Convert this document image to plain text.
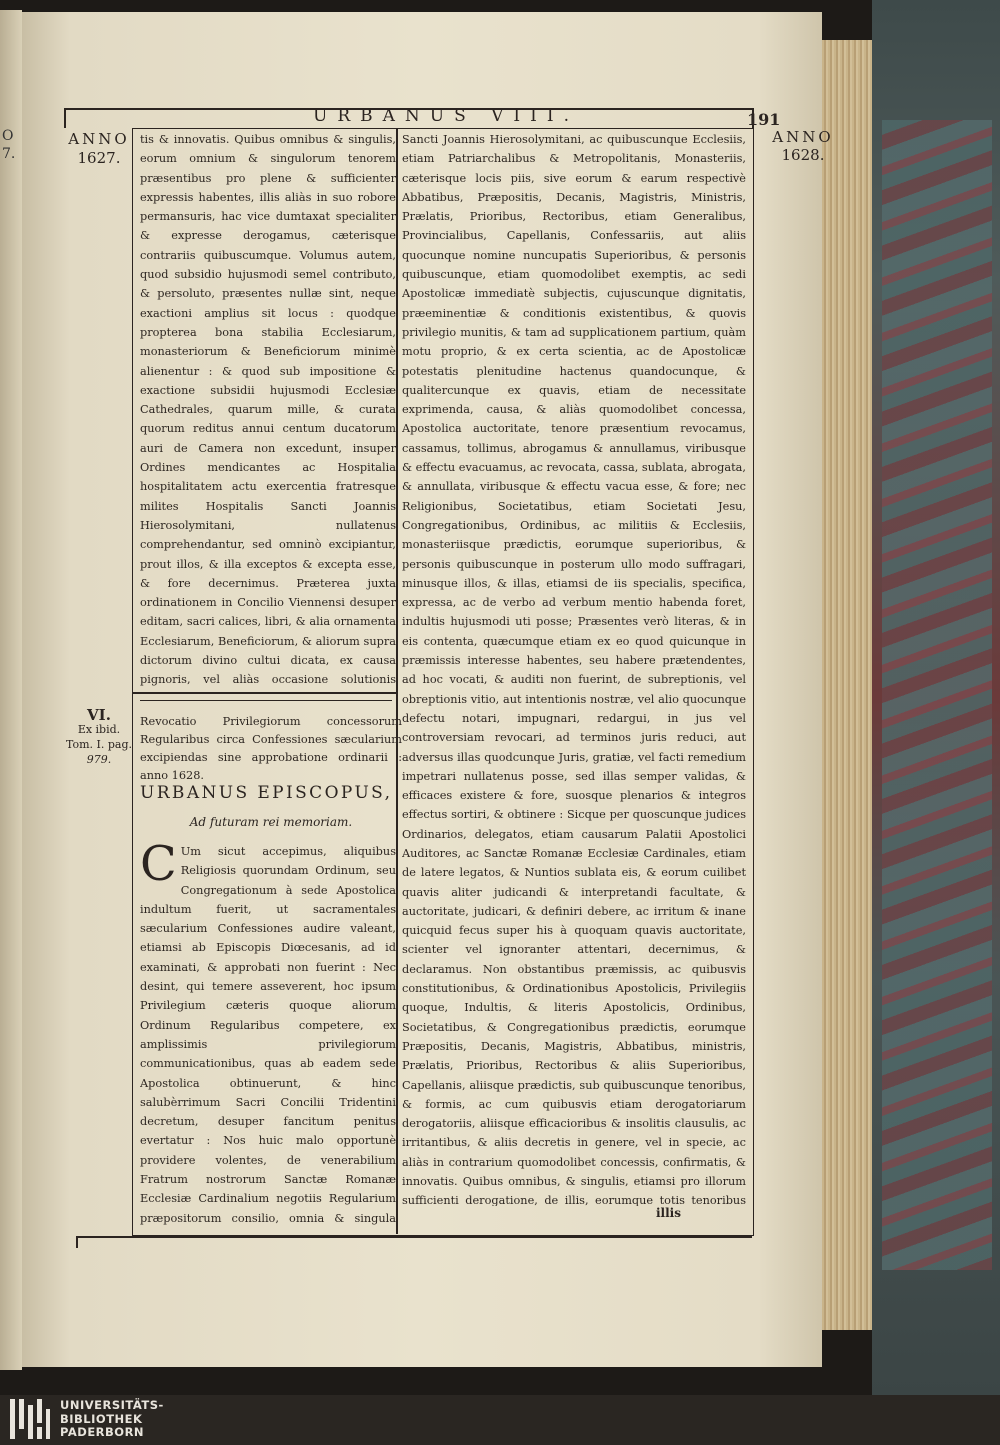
O
7.
URBANUS VIII.	191
ANNO
1627.
ANNO
1628.
VI.
Ex ibid.
Tom. I. pag.
979.

tis & innovatis. Quibus omnibus & singulis, eorum omnium & singulorum tenorem præsentibus pro plene & sufficienter expressis habentes, illis aliàs in suo robore permansuris, hac vice dumtaxat specialiter & expresse derogamus, cæterisque contrariis quibuscumque. Volumus autem, quod subsidio hujusmodi semel contributo, & persoluto, præsentes nullæ sint, neque exactioni amplius sit locus : quodque propterea bona stabilia Ecclesiarum, monasteriorum & Beneficiorum minimè alienentur : & quod sub impositione & exactione subsidii hujusmodi Ecclesiæ Cathedrales, quarum mille, & curata quorum reditus annui centum ducatorum auri de Camera non excedunt, insuper Ordines mendicantes ac Hospitalia hospitalitatem actu exercentia fratresque milites Hospitalis Sancti Joannis Hierosolymitani, nullatenus comprehendantur, sed omninò excipiantur, prout illos, & illa exceptos & excepta esse, & fore decernimus. Præterea juxta ordinationem in Concilio Viennensi desuper editam, sacri calices, libri, & alia ornamenta Ecclesiarum, Beneficiorum, & aliorum supra dictorum divino cultui dicata, ex causa pignoris, vel aliàs occasione solutionis

Revocatio Privilegiorum concessorum Regularibus circa Confessiones sæcularium excipiendas sine approbatione ordinarii : anno 1628.
URBANUS EPISCOPUS,
Ad futuram rei memoriam.

C Um sicut accepimus, aliquibus Religiosis quorundam Ordinum, seu Congregationum à sede Apostolica indultum fuerit, ut sacramentales sæcularium Confessiones audire valeant, etiamsi ab Episcopis Diœcesanis, ad id examinati, & approbati non fuerint : Nec desint, qui temere asseverent, hoc ipsum Privilegium cæteris quoque aliorum Ordinum Regularibus competere, ex amplissimis privilegiorum communicationibus, quas ab eadem sede Apostolica obtinuerunt, & hinc salubèrrimum Sacri Concilii Tridentini decretum, desuper fancitum penitus evertatur : Nos huic malo opportunè providere volentes, de venerabilium Fratrum nostrorum Sanctæ Romanæ Ecclesiæ Cardinalium negotiis Regularium præpositorum consilio, omnia & singula

Sancti Joannis Hierosolymitani, ac quibuscunque Ecclesiis, etiam Patriarchalibus & Metropolitanis, Monasteriis, cæterisque locis piis, sive eorum & earum respectivè Abbatibus, Præpositis, Decanis, Magistris, Ministris, Prælatis, Prioribus, Rectoribus, etiam Generalibus, Provincialibus, Capellanis, Confessariis, aut aliis quocunque nomine nuncupatis Superioribus, & personis quibuscunque, etiam quomodolibet exemptis, ac sedi Apostolicæ immediatè subjectis, cujuscunque dignitatis, præeminentiæ & conditionis existentibus, & quovis privilegio munitis, & tam ad supplicationem partium, quàm motu proprio, & ex certa scientia, ac de Apostolicæ potestatis plenitudine hactenus quandocunque, & qualitercunque ex quavis, etiam de necessitate exprimenda, causa, & aliàs quomodolibet concessa, Apostolica auctoritate, tenore præsentium revocamus, cassamus, tollimus, abrogamus & annullamus, viribusque & effectu evacuamus, ac revocata, cassa, sublata, abrogata, & annullata, viribusque & effectu vacua esse, & fore; nec Religionibus, Societatibus, etiam Societati Jesu, Congregationibus, Ordinibus, ac militiis & Ecclesiis, monasteriisque prædictis, eorumque superioribus, & personis quibuscunque in posterum ullo modo suffragari, minusque illos, & illas, etiamsi de iis specialis, specifica, expressa, ac de verbo ad verbum mentio habenda foret, indultis hujusmodi uti posse; Præsentes verò literas, & in eis contenta, quæcumque etiam ex eo quod quicunque in præmissis interesse habentes, seu habere prætendentes, ad hoc vocati, & auditi non fuerint, de subreptionis, vel obreptionis vitio, aut intentionis nostræ, vel alio quocunque defectu notari, impugnari, redargui, in jus vel controversiam revocari, ad terminos juris reduci, aut adversus illas quodcunque Juris, gratiæ, vel facti remedium impetrari nullatenus posse, sed illas semper validas, & efficaces existere & fore, suosque plenarios & integros effectus sortiri, & obtinere : Sicque per quoscunque judices Ordinarios, delegatos, etiam causarum Palatii Apostolici Auditores, ac Sanctæ Romanæ Ecclesiæ Cardinales, etiam de latere legatos, & Nuntios sublata eis, & eorum cuilibet quavis aliter judicandi & interpretandi facultate, & auctoritate, judicari, & definiri debere, ac irritum & inane quicquid fecus super his à quoquam quavis auctoritate, scienter vel ignoranter attentari, decernimus, & declaramus. Non obstantibus præmissis, ac quibusvis constitutionibus, & Ordinationibus Apostolicis, Privilegiis quoque, Indultis, & literis Apostolicis, Ordinibus, Societatibus, & Congregationibus prædictis, eorumque Præpositis, Decanis, Magistris, Abbatibus, ministris, Prælatis, Prioribus, Rectoribus & aliis Superioribus, Capellanis, aliisque prædictis, sub quibuscunque tenoribus, & formis, ac cum quibusvis etiam derogatoriarum derogatoriis, aliisque efficacioribus & insolitis clausulis, ac irritantibus, & aliis decretis in genere, vel in specie, ac aliàs in contrarium quomodolibet concessis, confirmatis, & innovatis. Quibus omnibus, & singulis, etiamsi pro illorum sufficienti derogatione, de illis, eorumque totis tenoribus

illis
UNIVERSITÄTS-
BIBLIOTHEK
PADERBORN
